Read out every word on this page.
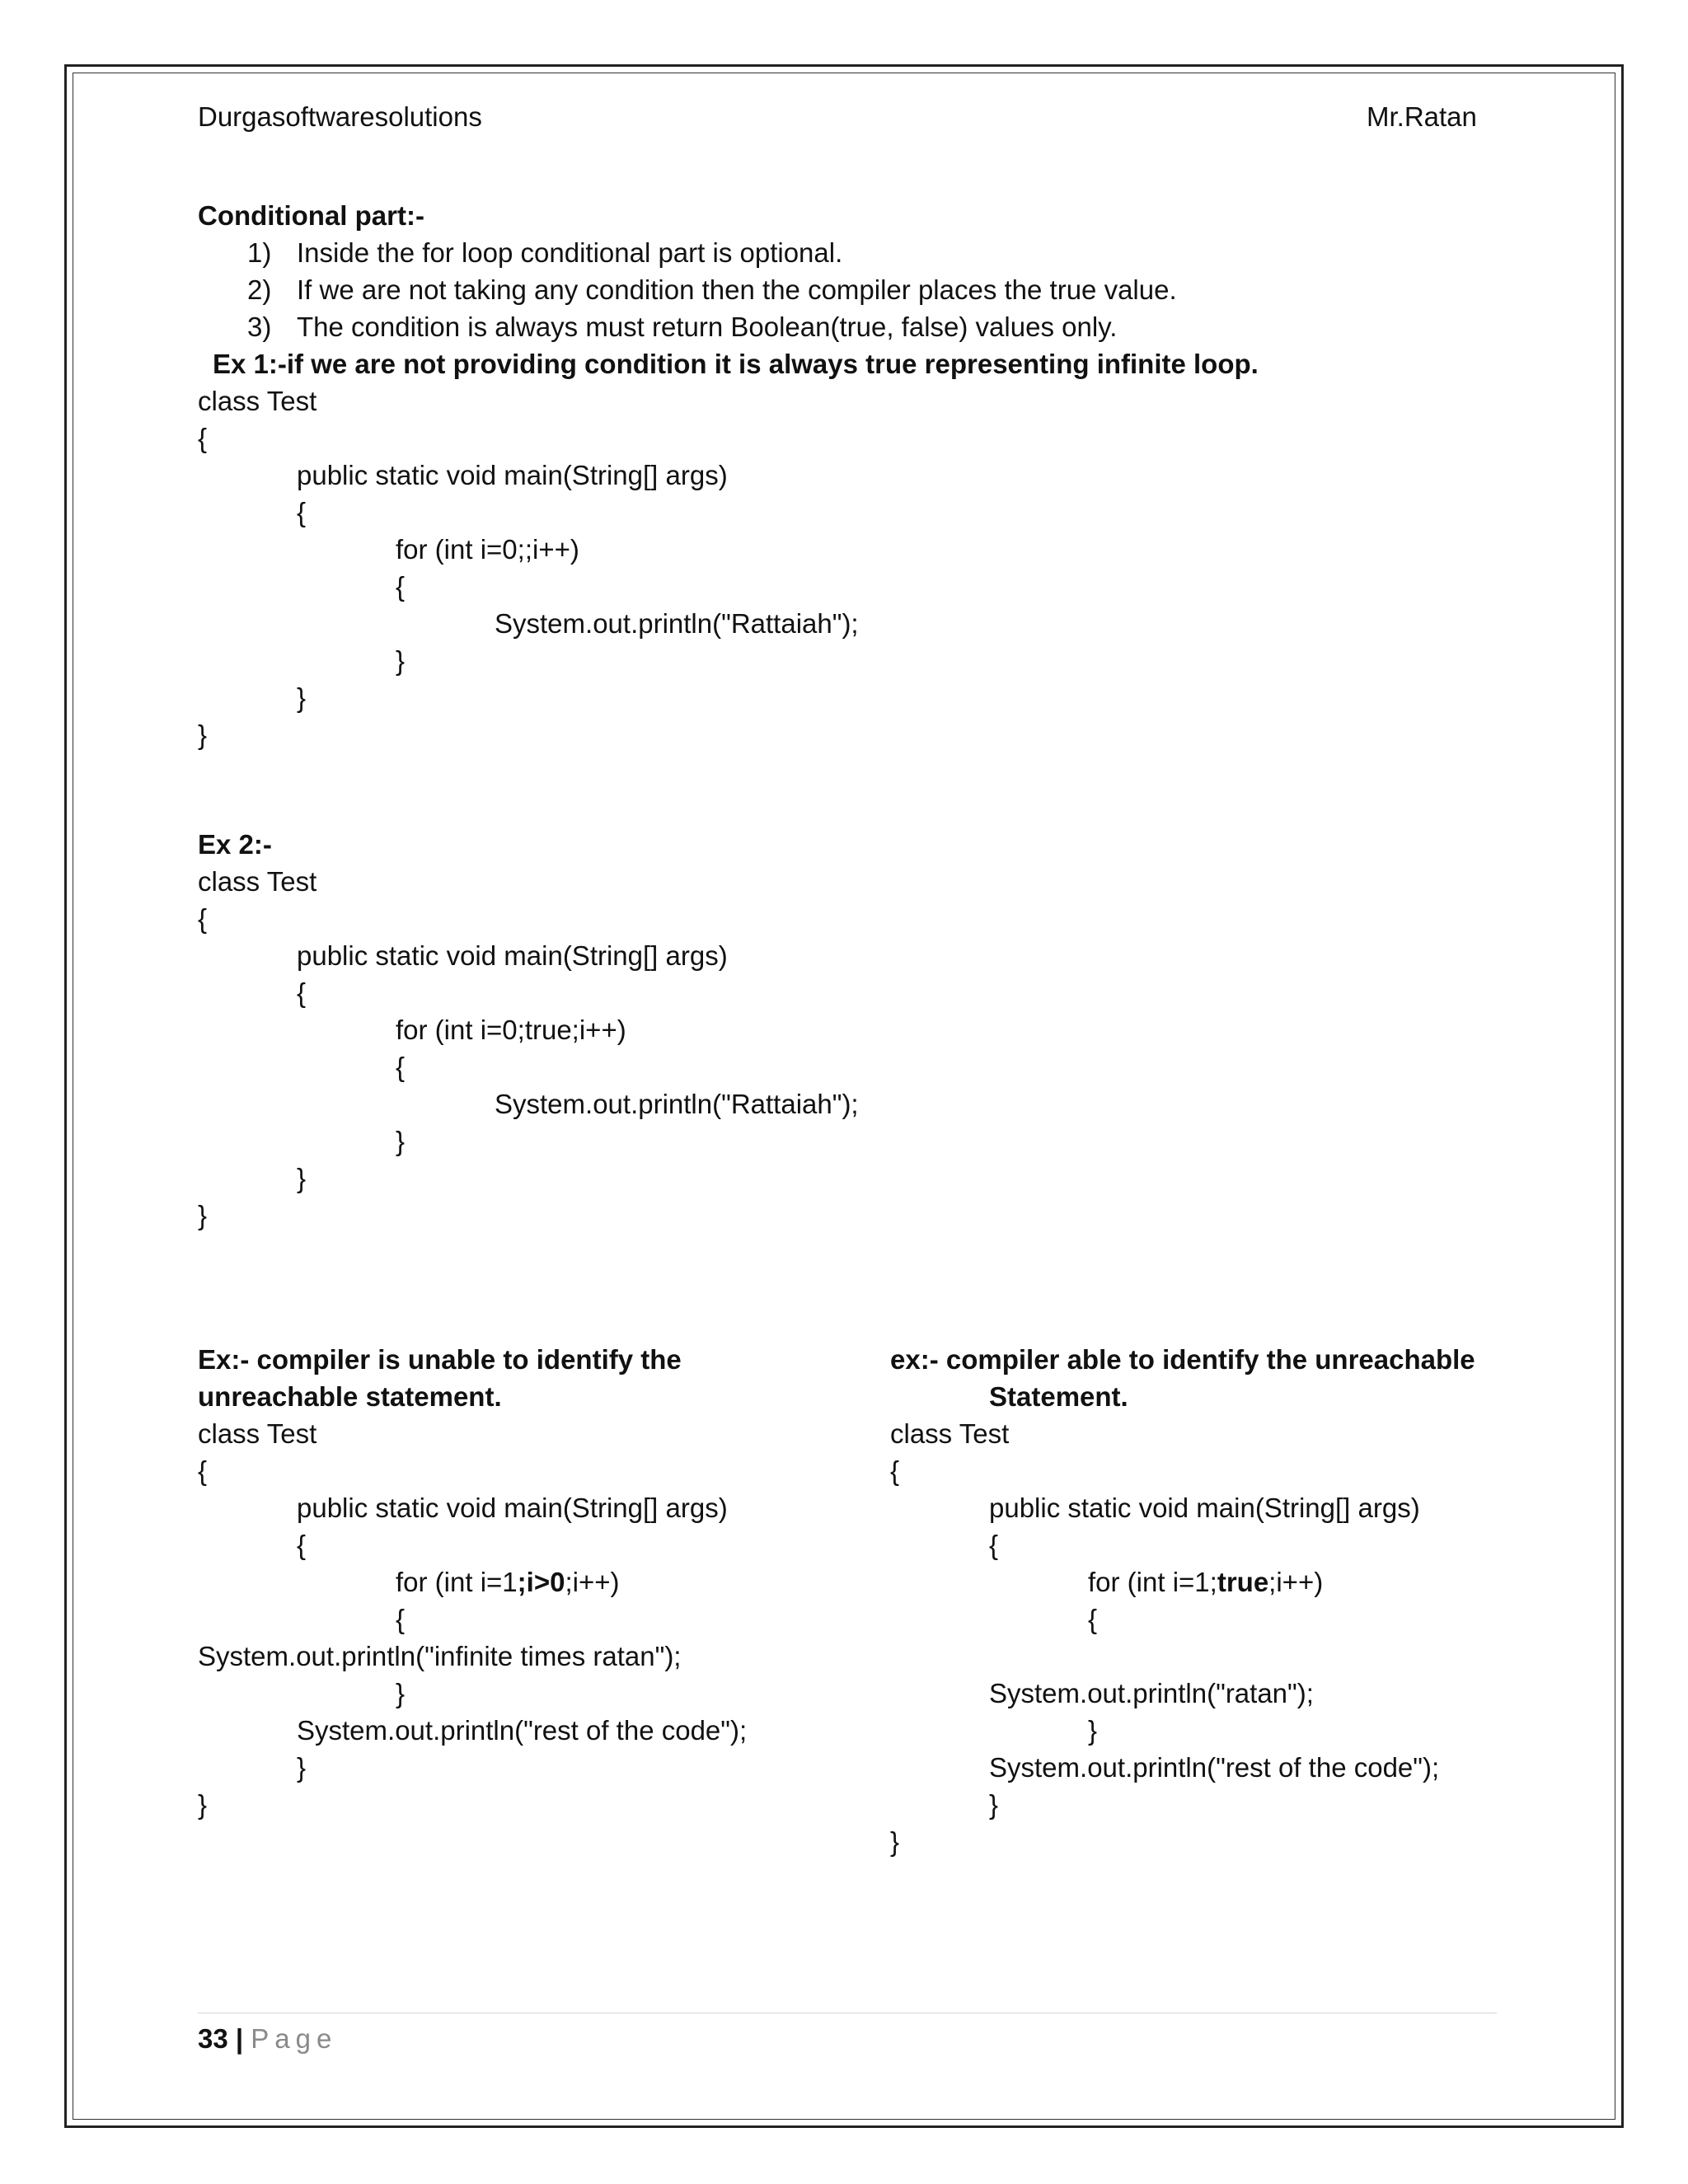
Durgasoftwaresolutions	Mr.Ratan
Conditional part:-
1) Inside the for loop conditional part is optional.
2) If we are not taking any condition then the compiler places the true value.
3) The condition is always must return Boolean(true, false) values only.
Ex 1:-if we are not providing condition it is always true representing infinite loop.
class Test
{
public static void main(String[] args)
{
for (int i=0;;i++)
{
System.out.println("Rattaiah");
}
}
}
Ex 2:-
class Test
{
public static void main(String[] args)
{
for (int i=0;true;i++)
{
System.out.println("Rattaiah");
}
}
}
Ex:- compiler is unable to identify the
unreachable statement.
class Test
{
public static void main(String[] args)
{
for (int i=1;i>0;i++)
{
System.out.println("infinite times ratan");
}
System.out.println("rest of the code");
}
}
ex:- compiler able to identify the unreachable
Statement.
class Test
{
public static void main(String[] args)
{
for (int i=1;true;i++)
{
System.out.println("ratan");
}
System.out.println("rest of the code");
}
}
33 | Page
